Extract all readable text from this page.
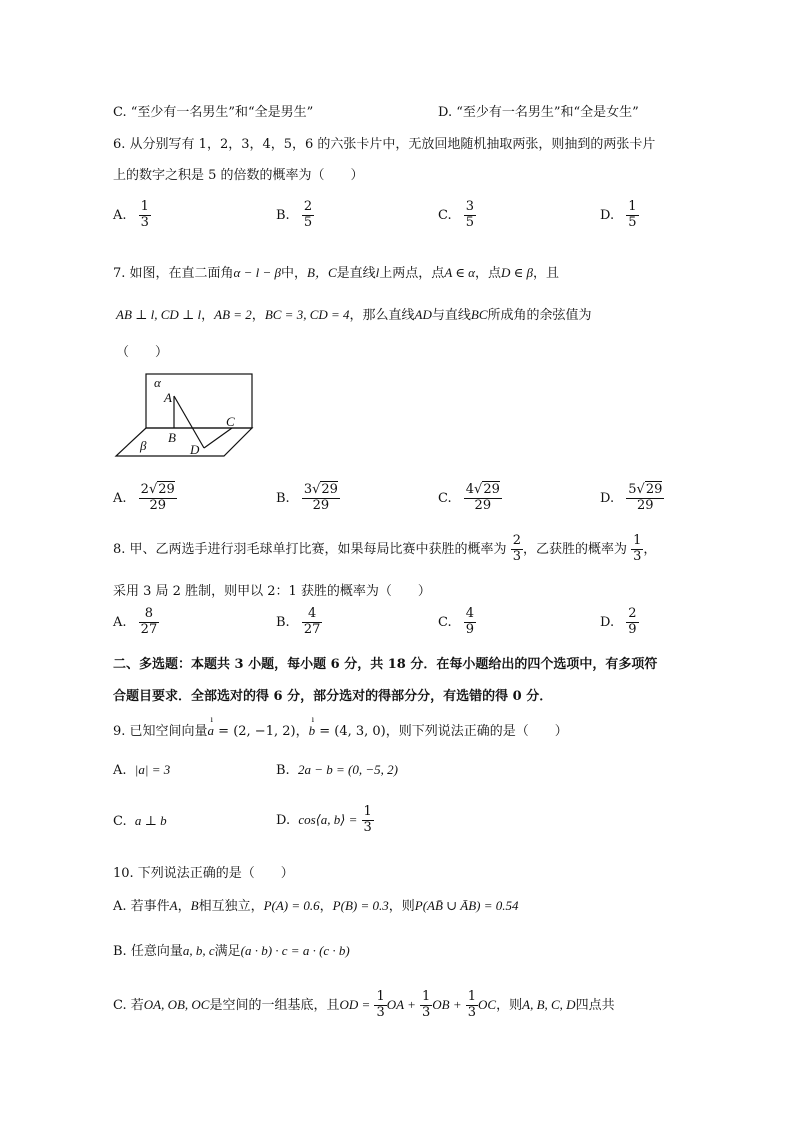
C. “至少有一名男生”和“全是男生”	D. “至少有一名男生”和“全是女生”
6. 从分别写有 1，2，3，4，5，6 的六张卡片中，无放回地随机抽取两张，则抽到的两张卡片
上的数字之积是 5 的倍数的概率为（　　）
A. $\frac{1}{3}$	B. $\frac{2}{5}$	C. $\frac{3}{5}$	D. $\frac{1}{5}$
7. 如图，在直二面角α − l − β中，B，C是直线l上两点，点A ∈ α，点D ∈ β，且
AB ⊥ l, CD ⊥ l，AB = 2，BC = 3, CD = 4，那么直线AD与直线BC所成角的余弦值为
（　　）
α
A
B
C
D
β
A. $\frac{2√29}{29}$	B. $\frac{3√29}{29}$	C. $\frac{4√29}{29}$	D. $\frac{5√29}{29}$
8. 甲、乙两选手进行羽毛球单打比赛，如果每局比赛中获胜的概率为 $\frac{2}{3}$ ，乙获胜的概率为 $\frac{1}{3}$ ，
采用 3 局 2 胜制，则甲以 2：1 获胜的概率为（　　）
A. $\frac{8}{27}$	B. $\frac{4}{27}$	C. $\frac{4}{9}$	D. $\frac{2}{9}$
二、多选题：本题共 3 小题，每小题 6 分，共 18 分．在每小题给出的四个选项中，有多项符
合题目要求．全部选对的得 6 分，部分选对的得部分分，有选错的得 0 分．
9. 已知空间向量ı a = (2, −1, 2)，ı b = (4, 3, 0)，则下列说法正确的是（　　）
A. |a| = 3	B. 2a − b = (0, −5, 2)
C. a ⊥ b	D. cos⟨a, b⟩ = $\frac{1}{3}$
10. 下列说法正确的是（　　）
A. 若事件A，B相互独立，P(A) = 0.6，P(B) = 0.3，则P(AB̄ ∪ ĀB) = 0.54
B. 任意向量a, b, c满足(a · b) · c = a · (c · b)
C. 若OA, OB, OC是空间的一组基底，且OD = $\frac{1}{3}$ OA + $\frac{1}{3}$ OB + $\frac{1}{3}$ OC，则A, B, C, D四点共
